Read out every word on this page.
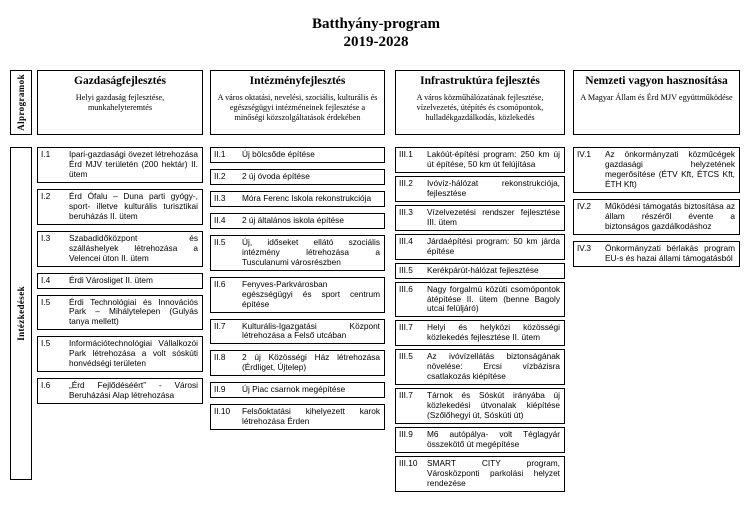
Batthyány-program
2019-2028
Alprogramok
Intézkedések
Gazdaságfejlesztés
Helyi gazdaság fejlesztése, munkahelyteremtés
I.1	Ipari-gazdasági övezet létrehozása Érd MJV területén (200 hektár) II. ütem
I.2	Érd Ófalu – Duna parti gyógy-, sport- illetve kulturális turisztikai beruházás II. ütem
I.3	Szabadidőközpont és szálláshelyek létrehozása a Velencei úton II. ütem
I.4	Érdi Városliget II. ütem
I.5	Érdi Technológiai és Innovációs Park – Mihálytelepen (Gulyás tanya mellett)
I.5	Információtechnológiai Vállalkozói Park létrehozása a volt sóskúti honvédségi területen
I.6	„Érd Fejlődéséért” - Városi Beruházási Alap létrehozása
Intézményfejlesztés
A város oktatási, nevelési, szociális, kulturális és egészségügyi intézméneinek fejlesztése a minőségi közszolgáltatások érdekében
II.1	Új bölcsőde építése
II.2	2 új óvoda építése
II.3	Móra Ferenc Iskola rekonstrukciója
II.4	2 új általános iskola építése
II.5	Új, időseket ellátó szociális intézmény létrehozása a Tusculanumi városrészben
II.6	Fenyves-Parkvárosban egészségügyi és sport centrum építése
II.7	Kulturális-Igazgatási Központ létrehozása a Felső utcában
II.8	2 új Közösségi Ház létrehozása (Érdliget, Újtelep)
II.9	Új Piac csarnok megépítése
II.10	Felsőoktatási kihelyezett karok létrehozása Érden
Infrastruktúra fejlesztés
A város közműhálózatának fejlesztése, vízelvezetés, útépítés és csomópontok, hulladékgazdálkodás, közlekedés
III.1	Lakóút-építési program: 250 km új út építése, 50 km út felújítása
III.2	Ivóvíz-hálózat rekonstrukciója, fejlesztése
III.3	Vízelvezetési rendszer fejlesztése III. ütem
III.4	Járdaépítési program: 50 km járda építése
III.5	Kerékpárút-hálózat fejlesztése
III.6	Nagy forgalmú közúti csomópontok átépítése II. ütem (benne Bagoly utcai felüljáró)
III.7	Helyi és helyközi közösségi közlekedés fejlesztése II. ütem
III.5	Az ivóvízellátás biztonságának növelése: Ercsi vízbázisra csatlakozás kiépítése
III.7	Tárnok és Sóskút irányába új közlekedési útvonalak kiépítése (Szőlőhegyi út, Sóskúti út)
III.9	M6 autópálya- volt Téglagyár összekötő út megépítése
III.10	SMART CITY program, Városközponti parkolási helyzet rendezése
Nemzeti vagyon hasznosítása
A Magyar Állam és Érd MJV együttműködése
IV.1	Az önkormányzati közműcégek gazdasági helyzetének megerősítése (ÉTV Kft, ÉTCS Kft, ÉTH Kft)
IV.2	Működési támogatás biztosítása az állam részéről évente a biztonságos gazdálkodáshoz
IV.3	Önkormányzati bérlakás program EU-s és hazai állami támogatásból
